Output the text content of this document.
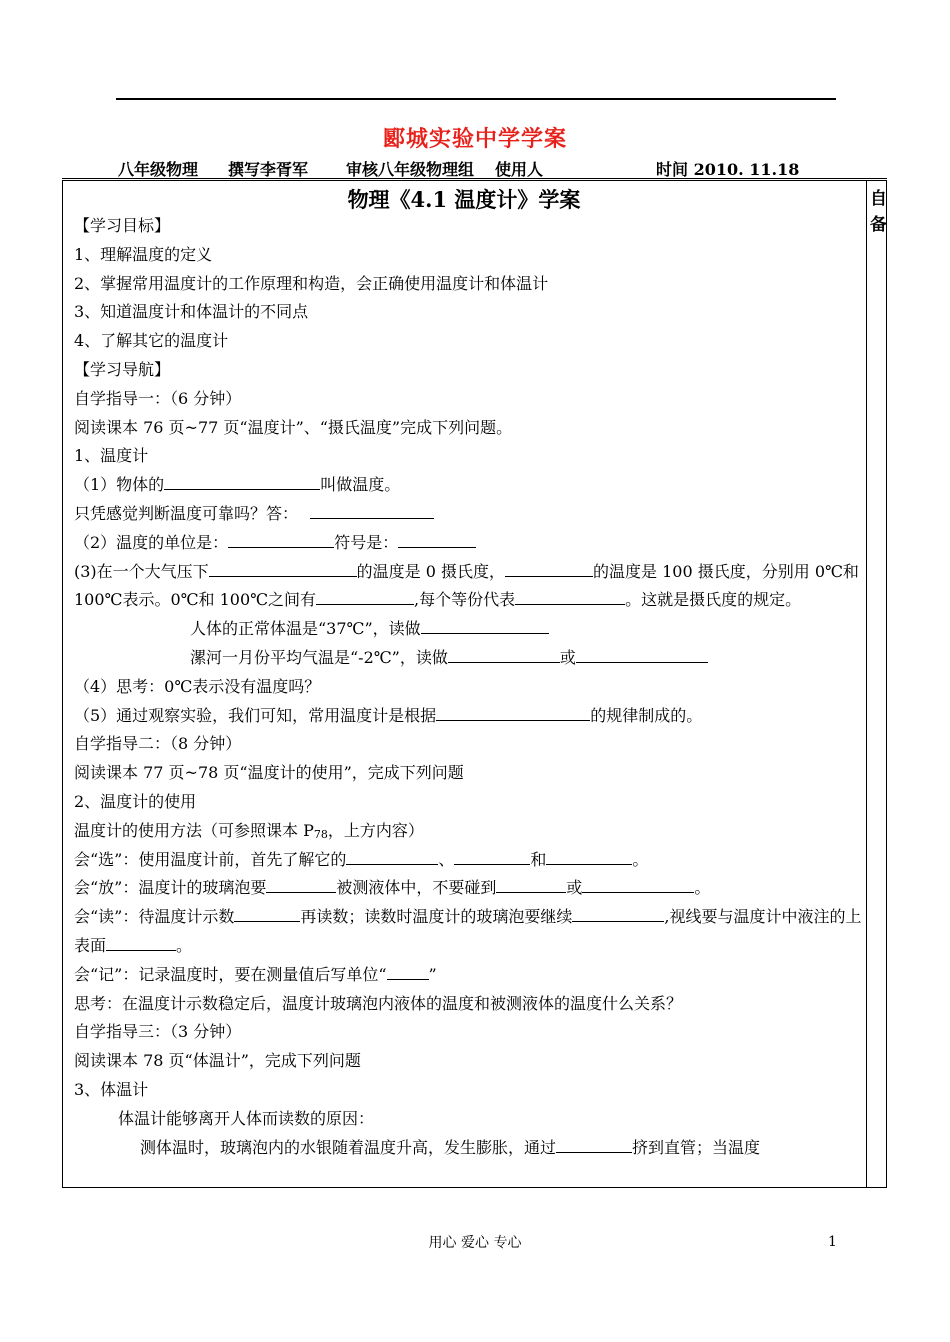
郾城实验中学学案
八年级物理 撰写李胥军 审核八年级物理组 使用人	时间 2010. 11.18
自
备
物理《4.1 温度计》学案
【学习目标】
1、理解温度的定义
2、掌握常用温度计的工作原理和构造，会正确使用温度计和体温计
3、知道温度计和体温计的不同点
4、了解其它的温度计
【学习导航】
自学指导一：（6 分钟）
阅读课本 76 页~77 页“温度计”、“摄氏温度”完成下列问题。
1、温度计
（1）物体的	叫做温度。
只凭感觉判断温度可靠吗？答：
（2）温度的单位是：	符号是：
(3)在一个大气压下	的温度是 0 摄氏度，	的温度是 100 摄氏度，分别用 0℃和 100℃表示。0℃和 100℃之间有	,每个等份代表	。这就是摄氏度的规定。
人体的正常体温是“37℃”，读做
漯河一月份平均气温是“-2℃”，读做	或
（4）思考：0℃表示没有温度吗？
（5）通过观察实验，我们可知，常用温度计是根据	的规律制成的。
自学指导二：（8 分钟）
阅读课本 77 页~78 页“温度计的使用”，完成下列问题
2、温度计的使用
温度计的使用方法（可参照课本 P78，上方内容）
会“选”：使用温度计前，首先了解它的	、	和	。
会“放”：温度计的玻璃泡要	被测液体中，不要碰到	或	。
会“读”：待温度计示数	再读数；读数时温度计的玻璃泡要继续	,视线要与温度计中液注的上表面	。
会“记”：记录温度时，要在测量值后写单位“	”
思考：在温度计示数稳定后，温度计玻璃泡内液体的温度和被测液体的温度什么关系？
自学指导三：（3 分钟）
阅读课本 78 页“体温计”，完成下列问题
3、体温计
体温计能够离开人体而读数的原因：
测体温时，玻璃泡内的水银随着温度升高，发生膨胀，通过	挤到直管；当温度
用心 爱心 专心	1
